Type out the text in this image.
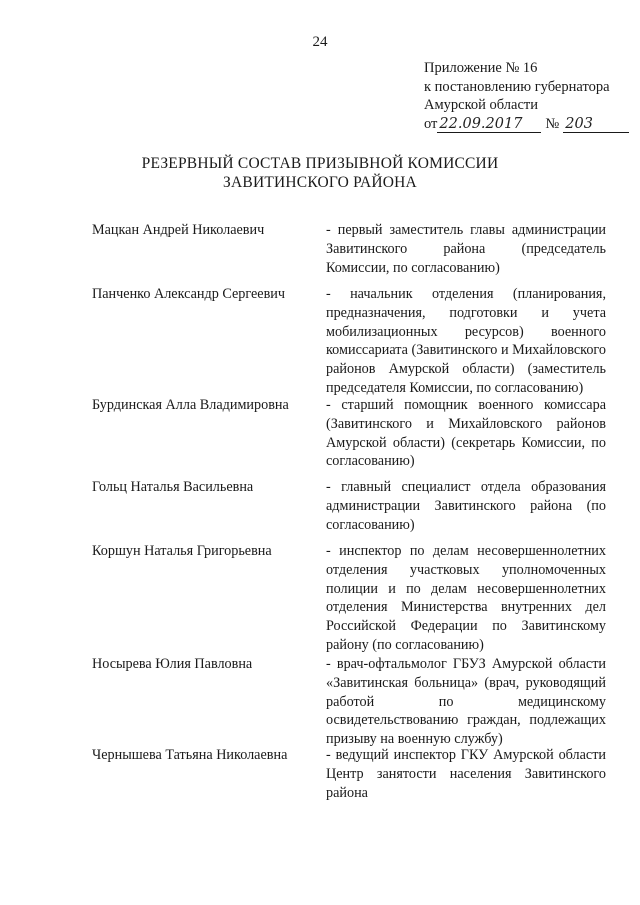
24
Приложение № 16
к постановлению губернатора
Амурской области
от 22.09.2017	№ 203
РЕЗЕРВНЫЙ СОСТАВ ПРИЗЫВНОЙ КОМИССИИ
ЗАВИТИНСКОГО РАЙОНА
Мацкан Андрей Николаевич	- первый заместитель главы администрации Завитинского района (председатель Комиссии, по согласованию)
Панченко Александр Сергеевич	- начальник отделения (планирования, предназначения, подготовки и учета мобилизационных ресурсов) военного комиссариата (Завитинского и Михайловского районов Амурской области) (заместитель председателя Комиссии, по согласованию)
Бурдинская Алла Владимировна	- старший помощник военного комиссара (Завитинского и Михайловского районов Амурской области) (секретарь Комиссии, по согласованию)
Гольц Наталья Васильевна	- главный специалист отдела образования администрации Завитинского района (по согласованию)
Коршун Наталья Григорьевна	- инспектор по делам несовершеннолетних отделения участковых уполномоченных полиции и по делам несовершеннолетних отделения Министерства внутренних дел Российской Федерации по Завитинскому району (по согласованию)
Носырева Юлия Павловна	- врач-офтальмолог ГБУЗ Амурской области «Завитинская больница» (врач, руководящий работой по медицинскому освидетельствованию граждан, подлежащих призыву на военную службу)
Чернышева Татьяна Николаевна	- ведущий инспектор ГКУ Амурской области Центр занятости населения Завитинского района
